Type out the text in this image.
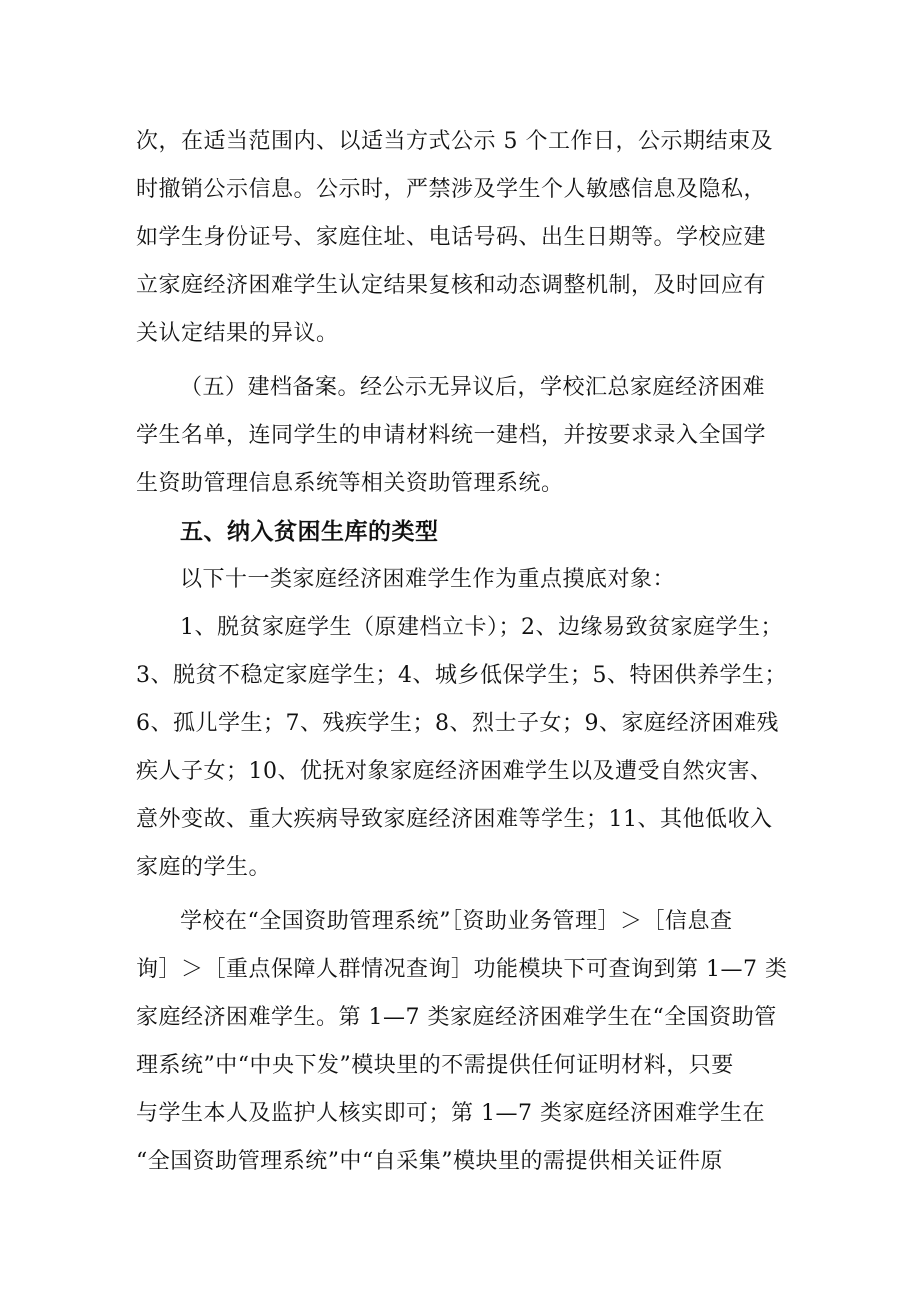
次，在适当范围内、以适当方式公示 5 个工作日，公示期结束及
时撤销公示信息。公示时，严禁涉及学生个人敏感信息及隐私，
如学生身份证号、家庭住址、电话号码、出生日期等。学校应建
立家庭经济困难学生认定结果复核和动态调整机制，及时回应有
关认定结果的异议。
（五）建档备案。经公示无异议后，学校汇总家庭经济困难
学生名单，连同学生的申请材料统一建档，并按要求录入全国学
生资助管理信息系统等相关资助管理系统。
五、纳入贫困生库的类型
以下十一类家庭经济困难学生作为重点摸底对象：
1、脱贫家庭学生（原建档立卡）；2、边缘易致贫家庭学生；
3、脱贫不稳定家庭学生；4、城乡低保学生；5、特困供养学生；
6、孤儿学生；7、残疾学生；8、烈士子女；9、家庭经济困难残
疾人子女；10、优抚对象家庭经济困难学生以及遭受自然灾害、
意外变故、重大疾病导致家庭经济困难等学生；11、其他低收入
家庭的学生。
学校在“全国资助管理系统”［资助业务管理］＞［信息查
询］＞［重点保障人群情况查询］功能模块下可查询到第 1—7 类
家庭经济困难学生。第 1—7 类家庭经济困难学生在“全国资助管
理系统”中“中央下发”模块里的不需提供任何证明材料，只要
与学生本人及监护人核实即可；第 1—7 类家庭经济困难学生在
“全国资助管理系统”中“自采集”模块里的需提供相关证件原
